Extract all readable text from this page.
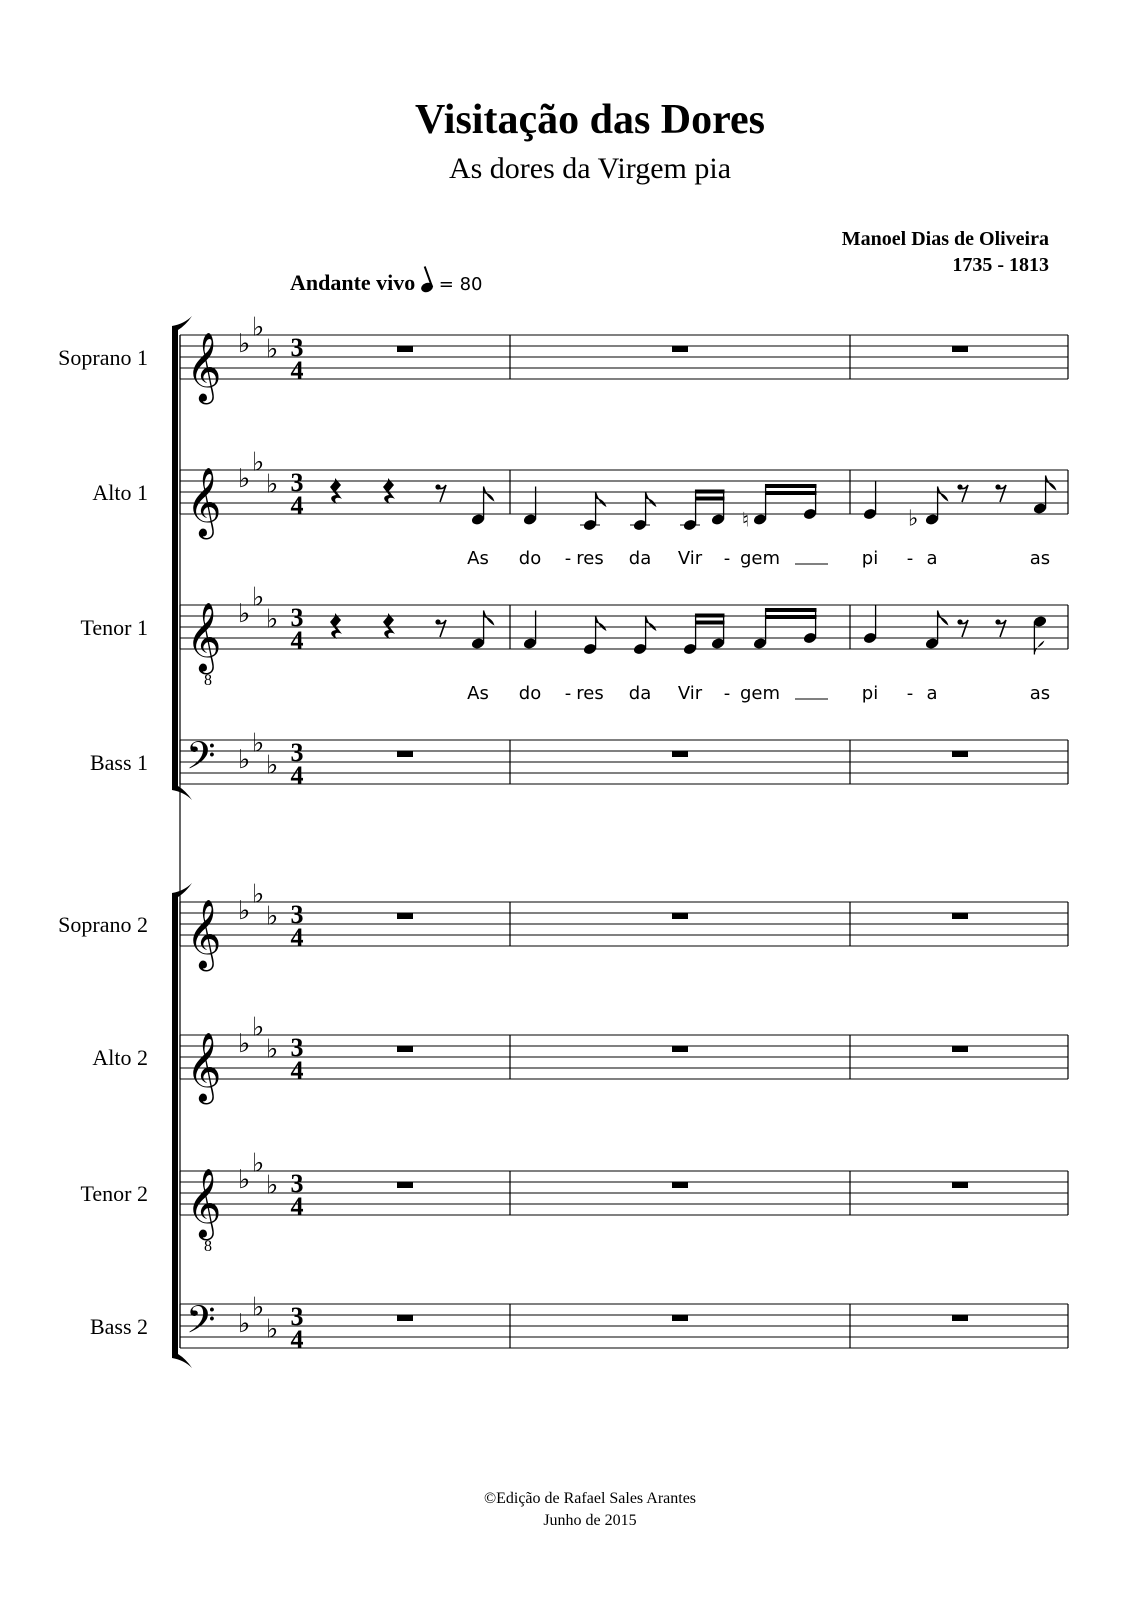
Visitação das Dores
As dores da Virgem pia
Manoel Dias de Oliveira
1735 - 1813
Andante vivo = 80
Soprano 1 𝄞 ♭
♭
♭ 3
4
Alto 1 𝄞 ♭
♭
♭ 3
4	♮	♭
As do - res da Vir - gem	pi - a	as
Tenor 1 𝄞
8
♭
♭
♭ 3
4
As do - res da Vir - gem	pi - a	as
Bass 1 𝄢 ♭
♭
♭ 3
4
Soprano 2 𝄞 ♭
♭
♭ 3
4
Alto 2 𝄞 ♭
♭
♭ 3
4
Tenor 2 𝄞
8
♭
♭
♭ 3
4
Bass 2 𝄢 ♭
♭
♭ 3
4
©Edição de Rafael Sales Arantes
Junho de 2015
